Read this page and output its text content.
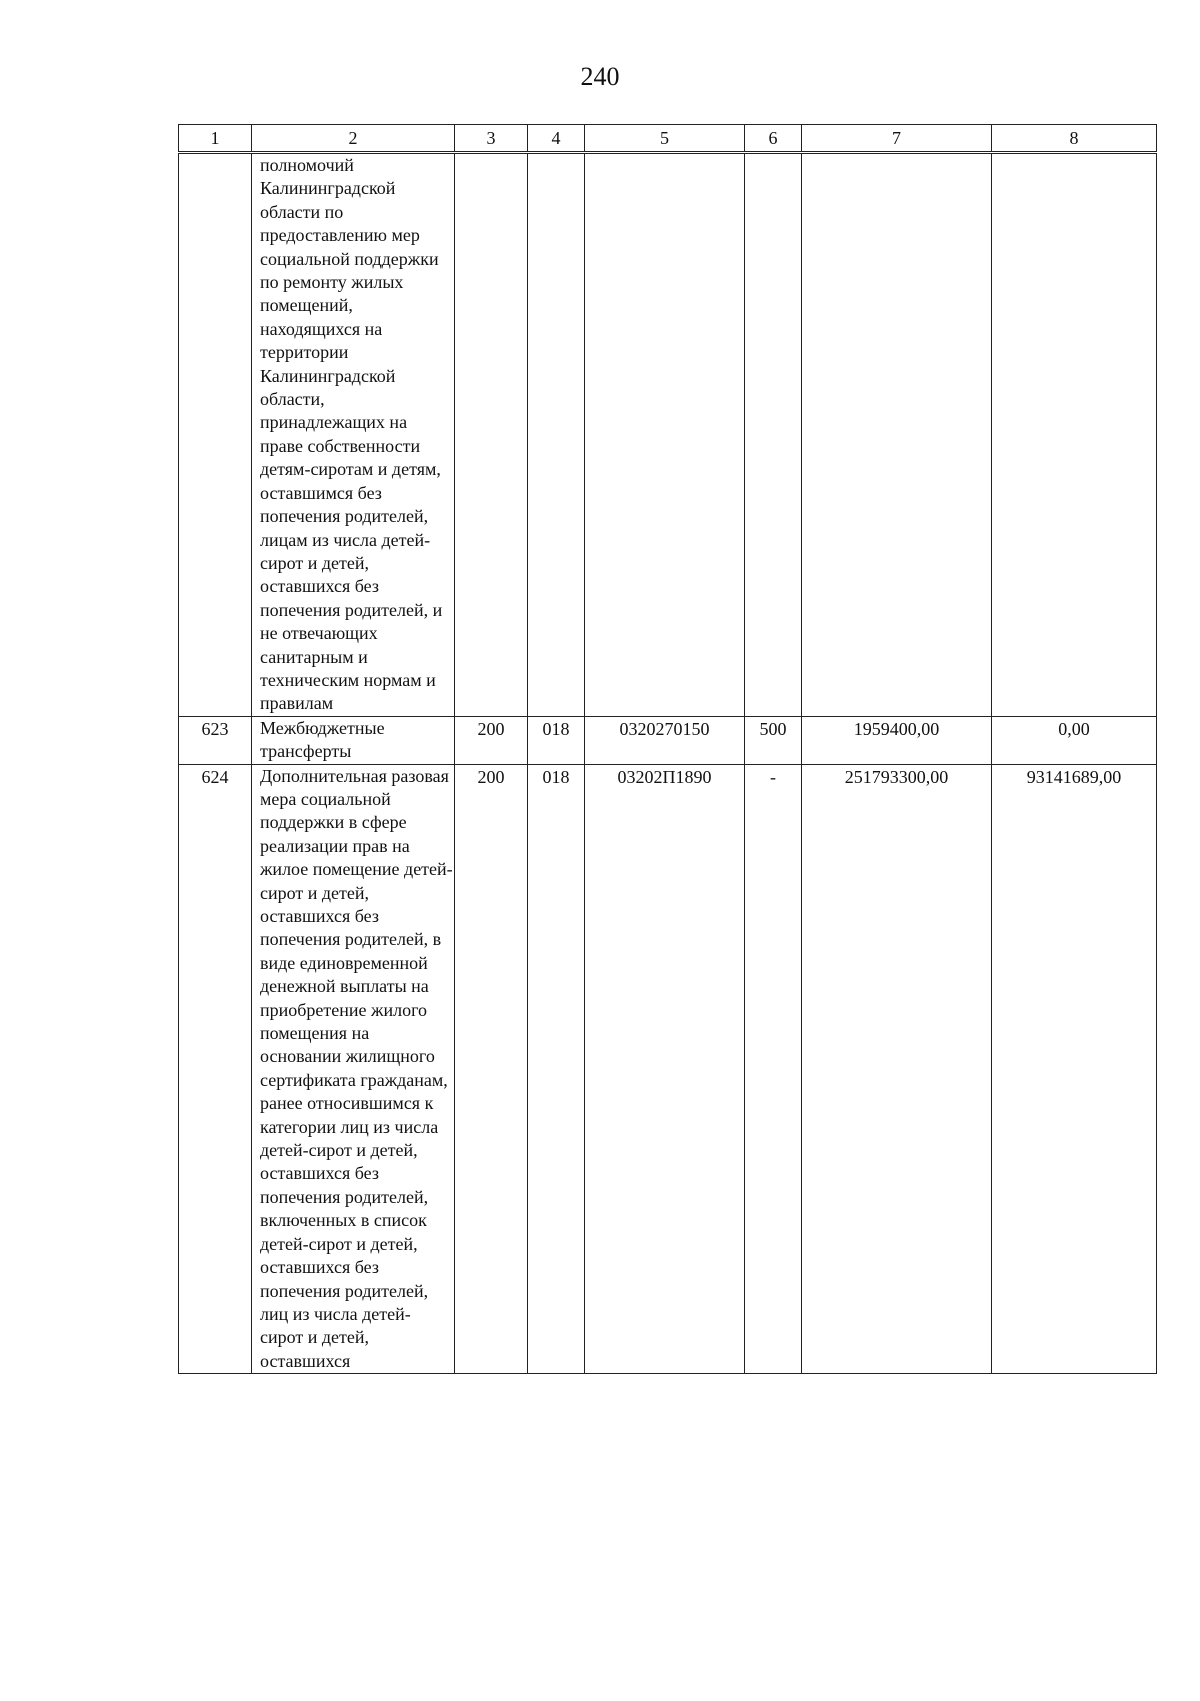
240
1	2	3	4	5	6	7	8
	полномочий Калининградской области по предоставлению мер социальной поддержки по ремонту жилых помещений, находящихся на территории Калининградской области, принадлежащих на праве собственности детям-сиротам и детям, оставшимся без попечения родителей, лицам из числа детей-сирот и детей, оставшихся без попечения родителей, и не отвечающих санитарным и техническим нормам и правилам						
623	Межбюджетные трансферты	200	018	0320270150	500	1959400,00	0,00
624	Дополнительная разовая мера социальной поддержки в сфере реализации прав на жилое помещение детей-сирот и детей, оставшихся без попечения родителей, в виде единовременной денежной выплаты на приобретение жилого помещения на основании жилищного сертификата гражданам, ранее относившимся к категории лиц из числа детей-сирот и детей, оставшихся без попечения родителей, включенных в список детей-сирот и детей, оставшихся без попечения родителей, лиц из числа детей-сирот и детей, оставшихся	200	018	03202П1890	-	251793300,00	93141689,00
